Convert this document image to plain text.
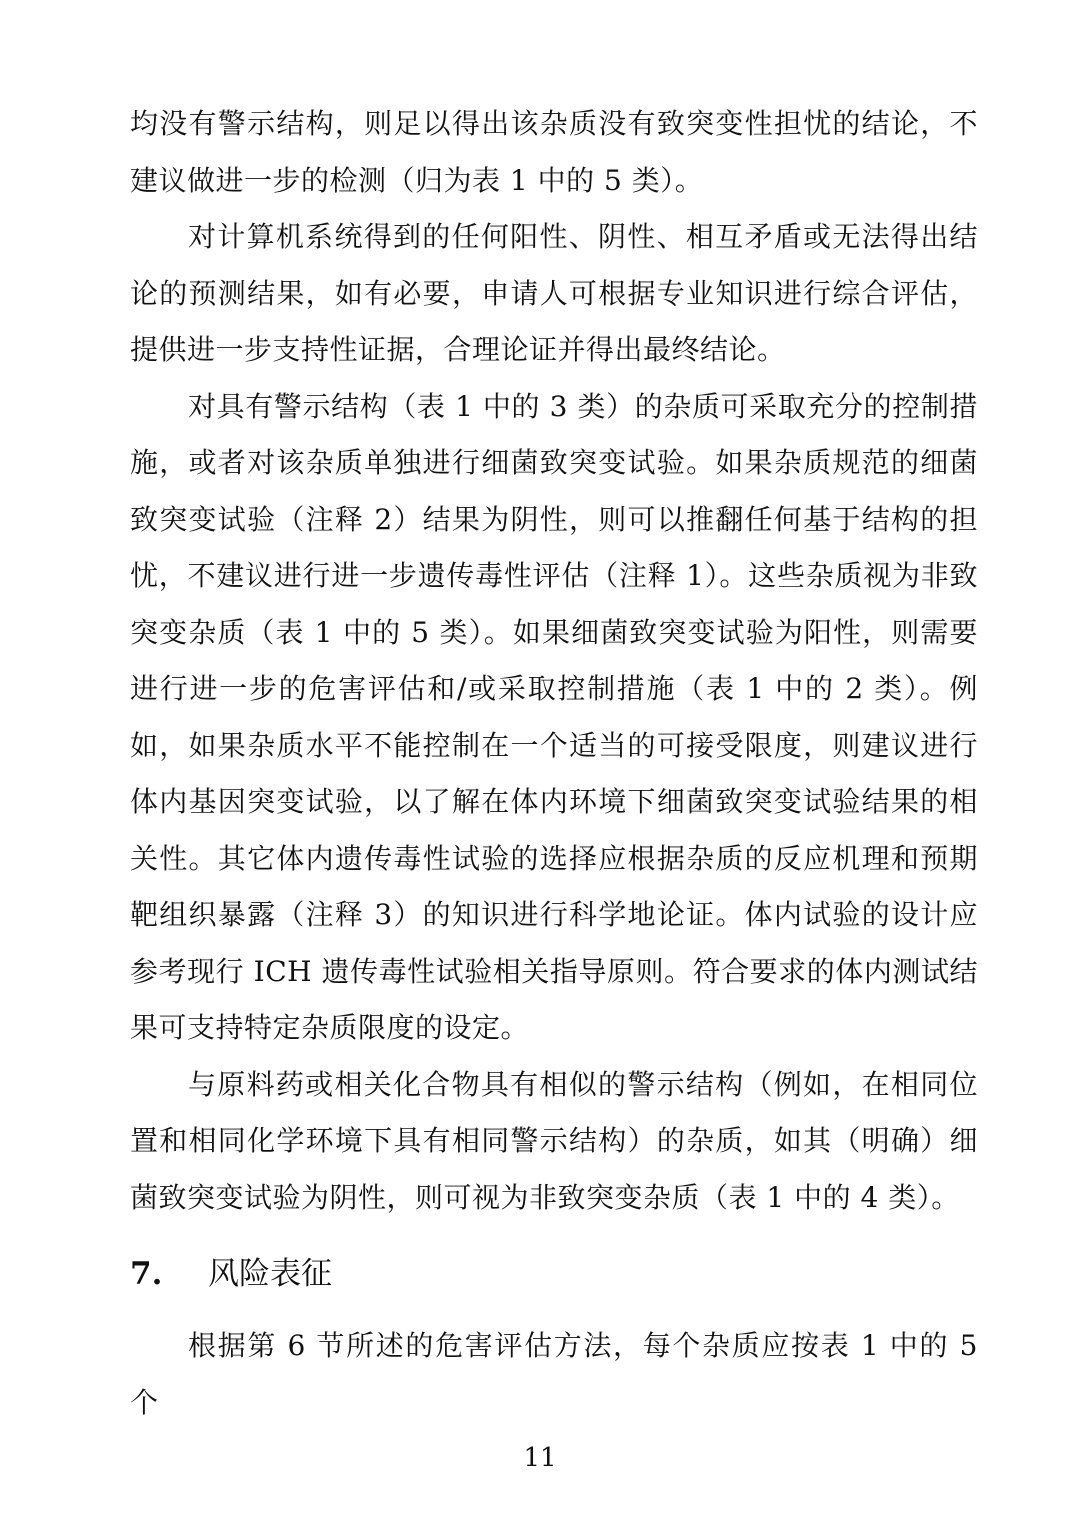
均没有警示结构，则足以得出该杂质没有致突变性担忧的结论，不建议做进一步的检测（归为表 1 中的 5 类）。

对计算机系统得到的任何阳性、阴性、相互矛盾或无法得出结论的预测结果，如有必要，申请人可根据专业知识进行综合评估，提供进一步支持性证据，合理论证并得出最终结论。

对具有警示结构（表 1 中的 3 类）的杂质可采取充分的控制措施，或者对该杂质单独进行细菌致突变试验。如果杂质规范的细菌致突变试验（注释 2）结果为阴性，则可以推翻任何基于结构的担忧，不建议进行进一步遗传毒性评估（注释 1）。这些杂质视为非致突变杂质（表 1 中的 5 类）。如果细菌致突变试验为阳性，则需要进行进一步的危害评估和/或采取控制措施（表 1 中的 2 类）。例如，如果杂质水平不能控制在一个适当的可接受限度，则建议进行体内基因突变试验，以了解在体内环境下细菌致突变试验结果的相关性。其它体内遗传毒性试验的选择应根据杂质的反应机理和预期靶组织暴露（注释 3）的知识进行科学地论证。体内试验的设计应参考现行 ICH 遗传毒性试验相关指导原则。符合要求的体内测试结果可支持特定杂质限度的设定。

与原料药或相关化合物具有相似的警示结构（例如，在相同位置和相同化学环境下具有相同警示结构）的杂质，如其（明确）细菌致突变试验为阴性，则可视为非致突变杂质（表 1 中的 4 类）。

7.	风险表征

根据第 6 节所述的危害评估方法，每个杂质应按表 1 中的 5 个

11
